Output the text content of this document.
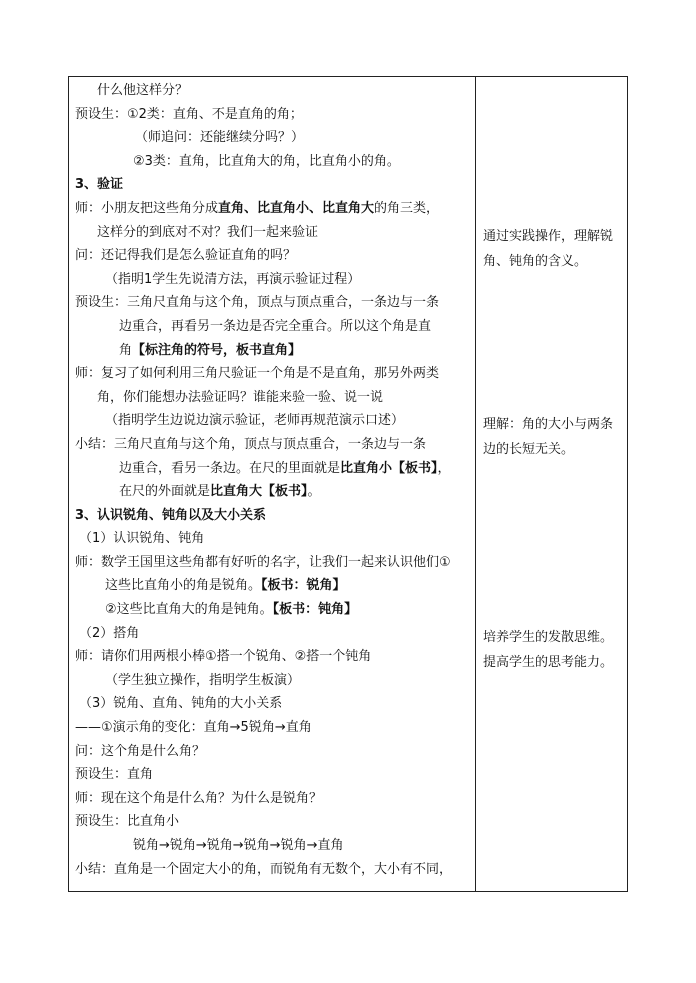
什么他这样分？
预设生：①2类：直角、不是直角的角；
（师追问：还能继续分吗？）
②3类：直角，比直角大的角，比直角小的角。
3、验证
师：小朋友把这些角分成直角、比直角小、比直角大的角三类，
这样分的到底对不对？我们一起来验证
问：还记得我们是怎么验证直角的吗？
（指明1学生先说清方法，再演示验证过程）
预设生：三角尺直角与这个角，顶点与顶点重合，一条边与一条
边重合，再看另一条边是否完全重合。所以这个角是直
角【标注角的符号，板书直角】
师：复习了如何利用三角尺验证一个角是不是直角，那另外两类
角，你们能想办法验证吗？谁能来验一验、说一说
（指明学生边说边演示验证，老师再规范演示口述）
小结：三角尺直角与这个角，顶点与顶点重合，一条边与一条
边重合，看另一条边。在尺的里面就是比直角小【板书】，
在尺的外面就是比直角大【板书】。
3、认识锐角、钝角以及大小关系
（1）认识锐角、钝角
师：数学王国里这些角都有好听的名字，让我们一起来认识他们①
这些比直角小的角是锐角。【板书：锐角】
②这些比直角大的角是钝角。【板书：钝角】
（2）搭角
师：请你们用两根小棒①搭一个锐角、②搭一个钝角
（学生独立操作，指明学生板演）
（3）锐角、直角、钝角的大小关系
——①演示角的变化：直角→5锐角→直角
问：这个角是什么角？
预设生：直角
师：现在这个角是什么角？为什么是锐角？
预设生：比直角小
锐角→锐角→锐角→锐角→锐角→直角
小结：直角是一个固定大小的角，而锐角有无数个，大小有不同，
通过实践操作，理解锐角、钝角的含义。
理解：角的大小与两条边的长短无关。
培养学生的发散思维。提高学生的思考能力。
